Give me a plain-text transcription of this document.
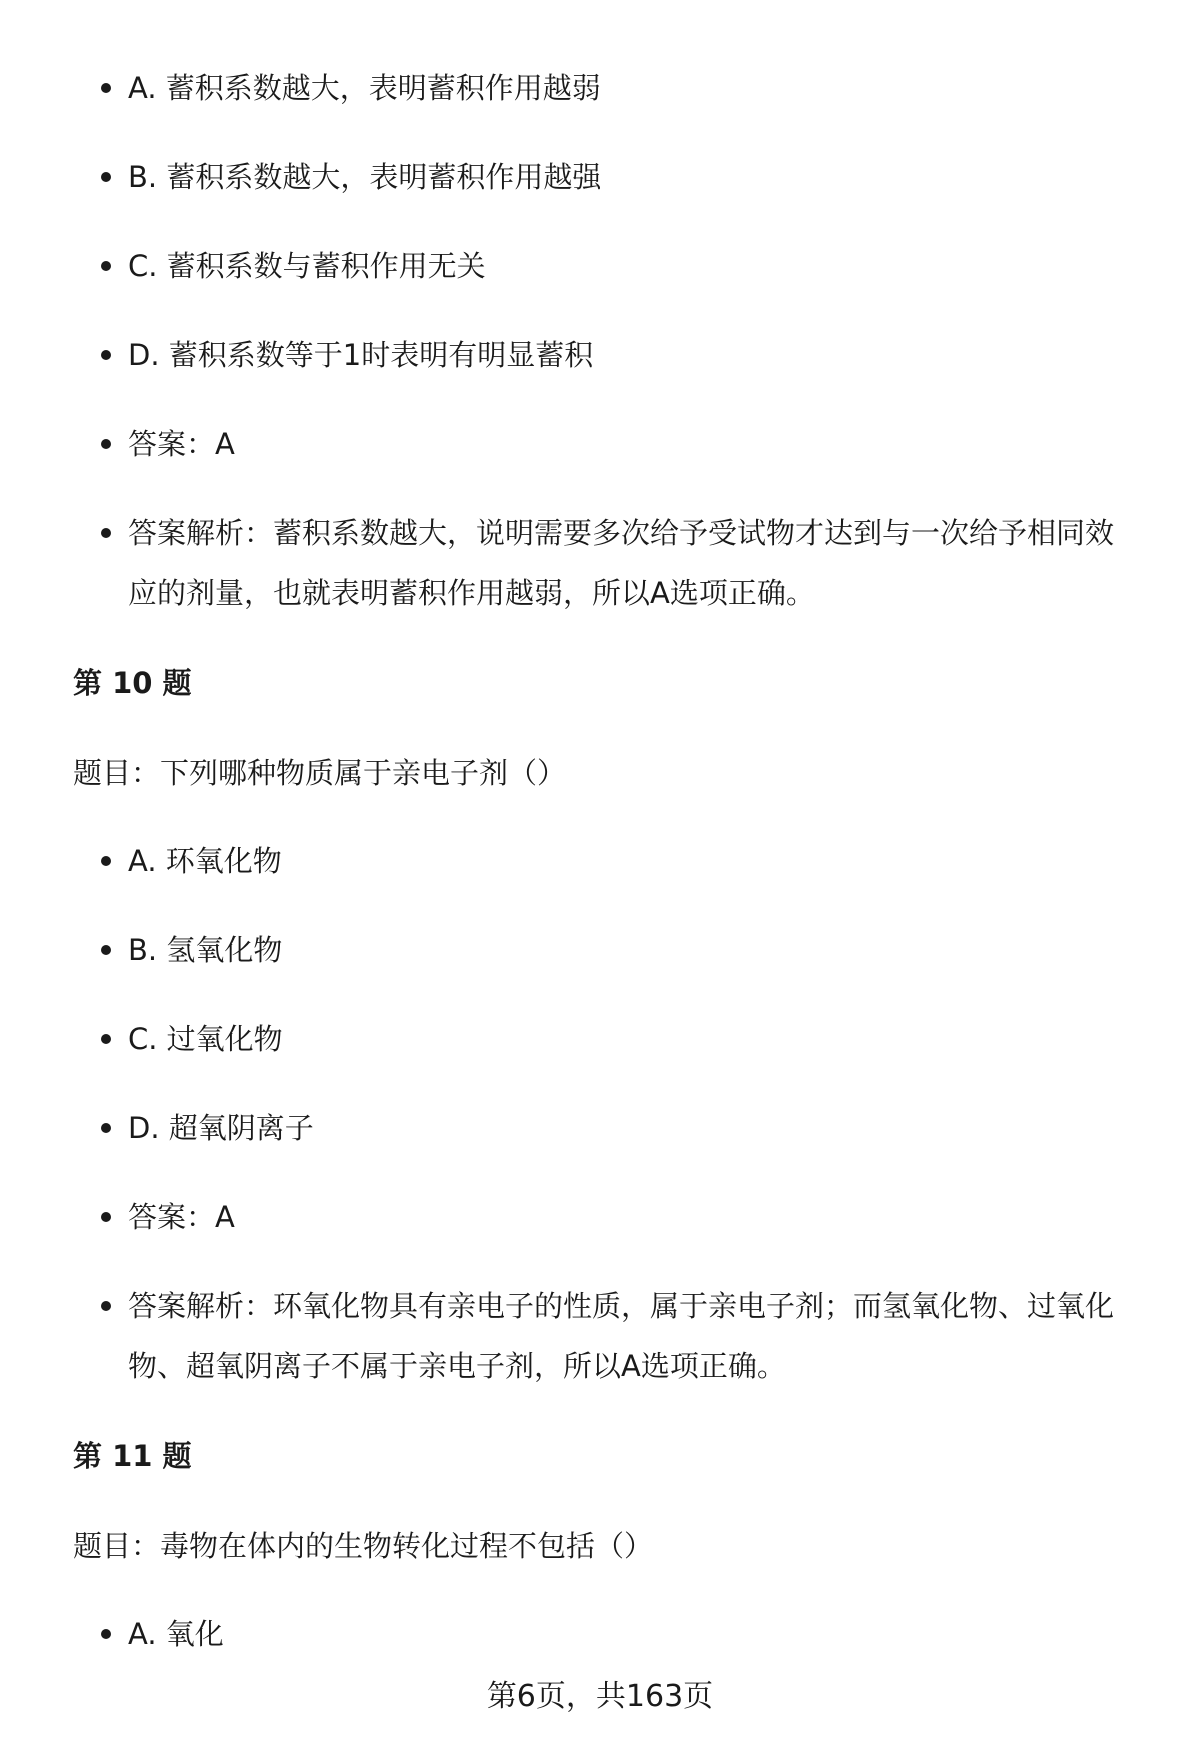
A. 蓄积系数越大，表明蓄积作用越弱
B. 蓄积系数越大，表明蓄积作用越强
C. 蓄积系数与蓄积作用无关
D. 蓄积系数等于1时表明有明显蓄积
答案：A
答案解析：蓄积系数越大，说明需要多次给予受试物才达到与一次给予相同效应的剂量，也就表明蓄积作用越弱，所以A选项正确。
第 10 题
题目：下列哪种物质属于亲电子剂（）
A. 环氧化物
B. 氢氧化物
C. 过氧化物
D. 超氧阴离子
答案：A
答案解析：环氧化物具有亲电子的性质，属于亲电子剂；而氢氧化物、过氧化物、超氧阴离子不属于亲电子剂，所以A选项正确。
第 11 题
题目：毒物在体内的生物转化过程不包括（）
A. 氧化
第6页，共163页
